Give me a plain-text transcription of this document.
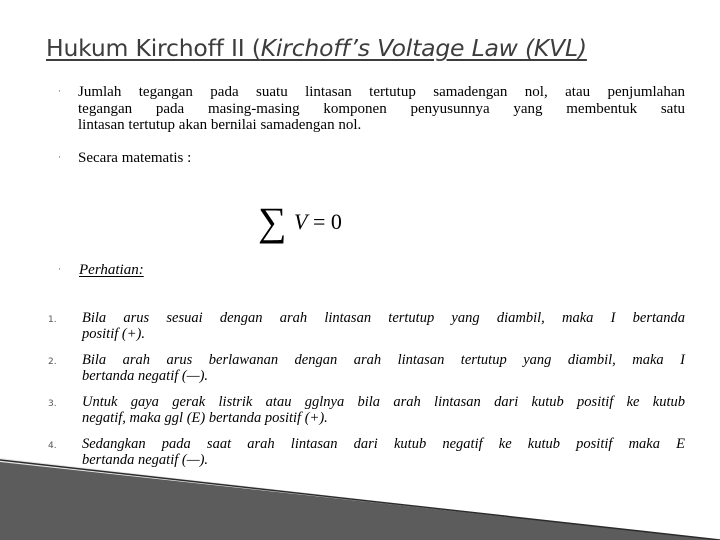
Hukum Kirchoff II (Kirchoff’s Voltage Law (KVL)
· Jumlah tegangan pada suatu lintasan tertutup samadengan nol, atau penjumlahan
tegangan pada masing-masing komponen penyusunnya yang membentuk satu
lintasan tertutup akan bernilai samadengan nol.
· Secara matematis :
∑ V = 0
· Perhatian:
1. Bila arus sesuai dengan arah lintasan tertutup yang diambil, maka I bertanda
positif (+).
2. Bila arah arus berlawanan dengan arah lintasan tertutup yang diambil, maka I
bertanda negatif (—).
3. Untuk gaya gerak listrik atau gglnya bila arah lintasan dari kutub positif ke kutub
negatif, maka ggl (E) bertanda positif (+).
4. Sedangkan pada saat arah lintasan dari kutub negatif ke kutub positif maka E
bertanda negatif (—).
